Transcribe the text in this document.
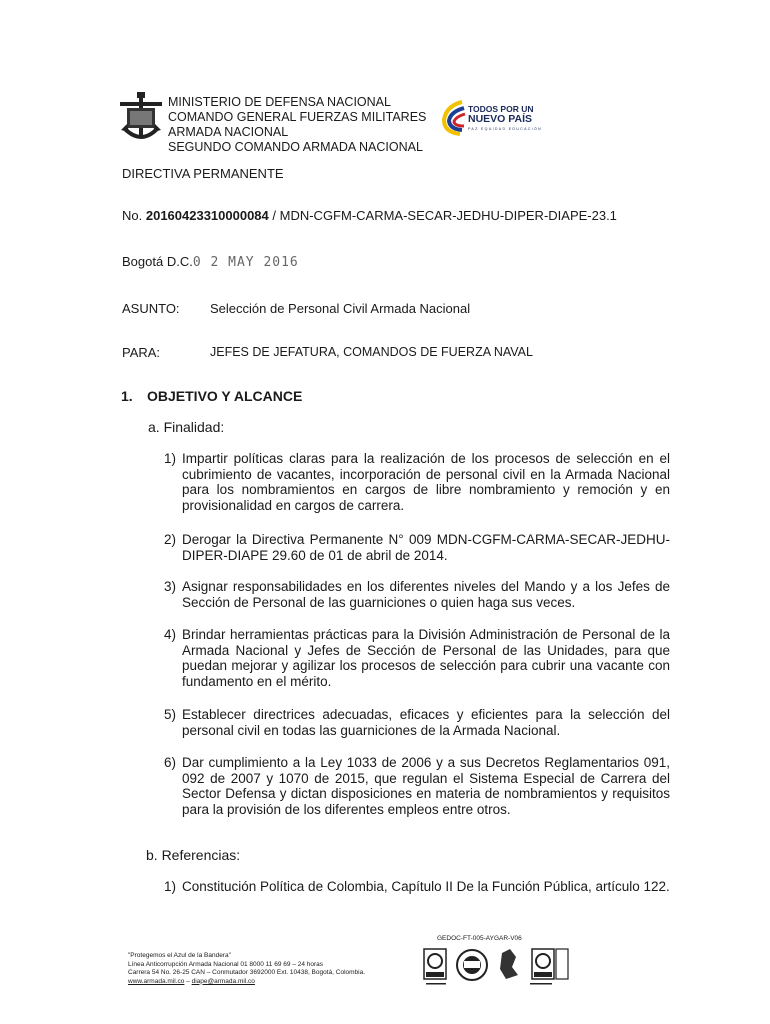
MINISTERIO DE DEFENSA NACIONAL
COMANDO GENERAL FUERZAS MILITARES
ARMADA NACIONAL
SEGUNDO COMANDO ARMADA NACIONAL
TODOS POR UN
NUEVO PAÍS
PAZ EQUIDAD EDUCACIÓN
DIRECTIVA PERMANENTE
No. 20160423310000084 / MDN-CGFM-CARMA-SECAR-JEDHU-DIPER-DIAPE-23.1
Bogotá D.C.0 2 MAY 2016
ASUNTO: Selección de Personal Civil Armada Nacional
PARA:	JEFES DE JEFATURA, COMANDOS DE FUERZA NAVAL
1. OBJETIVO Y ALCANCE
a. Finalidad:
1) Impartir políticas claras para la realización de los procesos de selección en el cubrimiento de vacantes, incorporación de personal civil en la Armada Nacional para los nombramientos en cargos de libre nombramiento y remoción y en provisionalidad en cargos de carrera.
2) Derogar la Directiva Permanente N° 009 MDN-CGFM-CARMA-SECAR-JEDHU-DIPER-DIAPE 29.60 de 01 de abril de 2014.
3) Asignar responsabilidades en los diferentes niveles del Mando y a los Jefes de Sección de Personal de las guarniciones o quien haga sus veces.
4) Brindar herramientas prácticas para la División Administración de Personal de la Armada Nacional y Jefes de Sección de Personal de las Unidades, para que puedan mejorar y agilizar los procesos de selección para cubrir una vacante con fundamento en el mérito.
5) Establecer directrices adecuadas, eficaces y eficientes para la selección del personal civil en todas las guarniciones de la Armada Nacional.
6) Dar cumplimiento a la Ley 1033 de 2006 y a sus Decretos Reglamentarios 091, 092 de 2007 y 1070 de 2015, que regulan el Sistema Especial de Carrera del Sector Defensa y dictan disposiciones en materia de nombramientos y requisitos para la provisión de los diferentes empleos entre otros.
b. Referencias:
1) Constitución Política de Colombia, Capítulo II De la Función Pública, artículo 122.
GEDOC-FT-005-AYGAR-V06
"Protegemos el Azul de la Bandera"
Línea Anticorrupción Armada Nacional 01 8000 11 69 69 – 24 horas
Carrera 54 No. 26-25 CAN – Conmutador 3692000 Ext. 10438, Bogotá, Colombia.
www.armada.mil.co – diape@armada.mil.co
